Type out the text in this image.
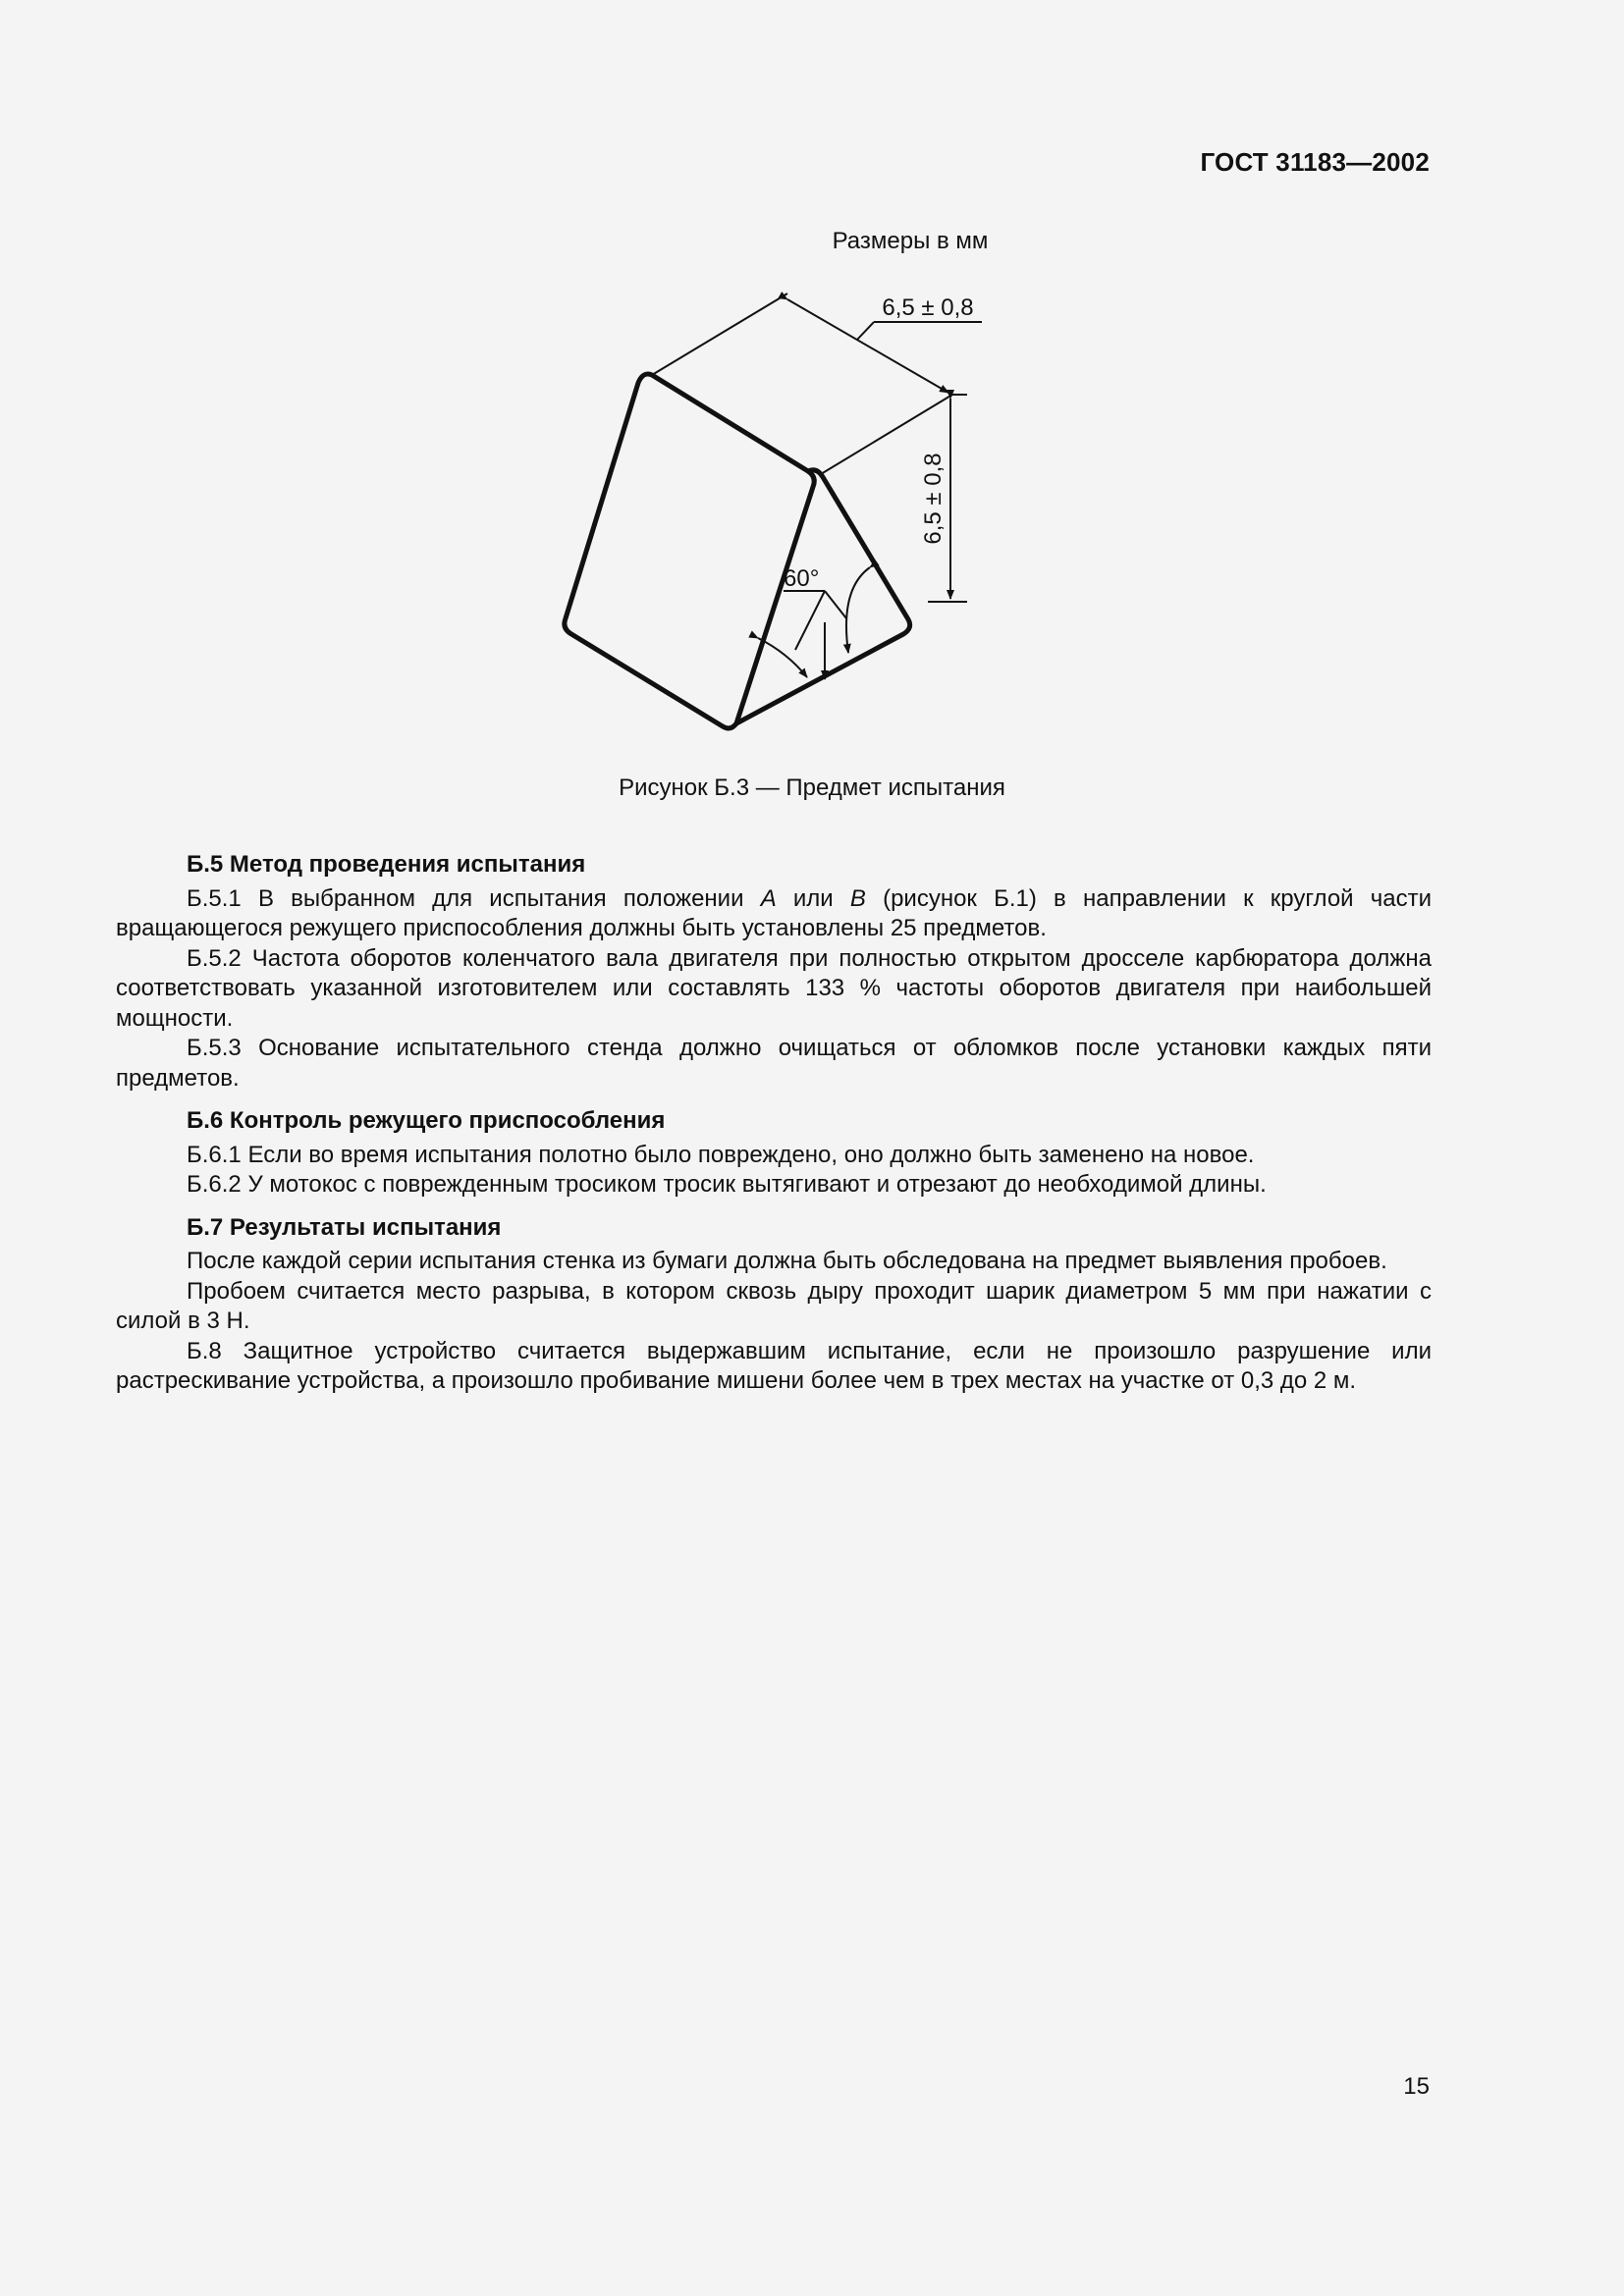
ГОСТ 31183—2002
Размеры в мм
6,5 ± 0,8
6,5 ± 0,8
60°
Рисунок Б.3 — Предмет испытания
Б.5 Метод проведения испытания

Б.5.1 В выбранном для испытания положении А или В (рисунок Б.1) в направлении к круглой части вращающегося режущего приспособления должны быть установлены 25 предметов.

Б.5.2 Частота оборотов коленчатого вала двигателя при полностью открытом дросселе карбюратора должна соответствовать указанной изготовителем или составлять 133 % частоты оборотов двигателя при наибольшей мощности.

Б.5.3 Основание испытательного стенда должно очищаться от обломков после установки каждых пяти предметов.

Б.6 Контроль режущего приспособления

Б.6.1 Если во время испытания полотно было повреждено, оно должно быть заменено на новое.

Б.6.2 У мотокос с поврежденным тросиком тросик вытягивают и отрезают до необходимой длины.

Б.7 Результаты испытания

После каждой серии испытания стенка из бумаги должна быть обследована на предмет выявления пробоев.

Пробоем считается место разрыва, в котором сквозь дыру проходит шарик диаметром 5 мм при нажатии с силой в 3 Н.

Б.8 Защитное устройство считается выдержавшим испытание, если не произошло разрушение или растрескивание устройства, а произошло пробивание мишени более чем в трех местах на участке от 0,3 до 2 м.

15
